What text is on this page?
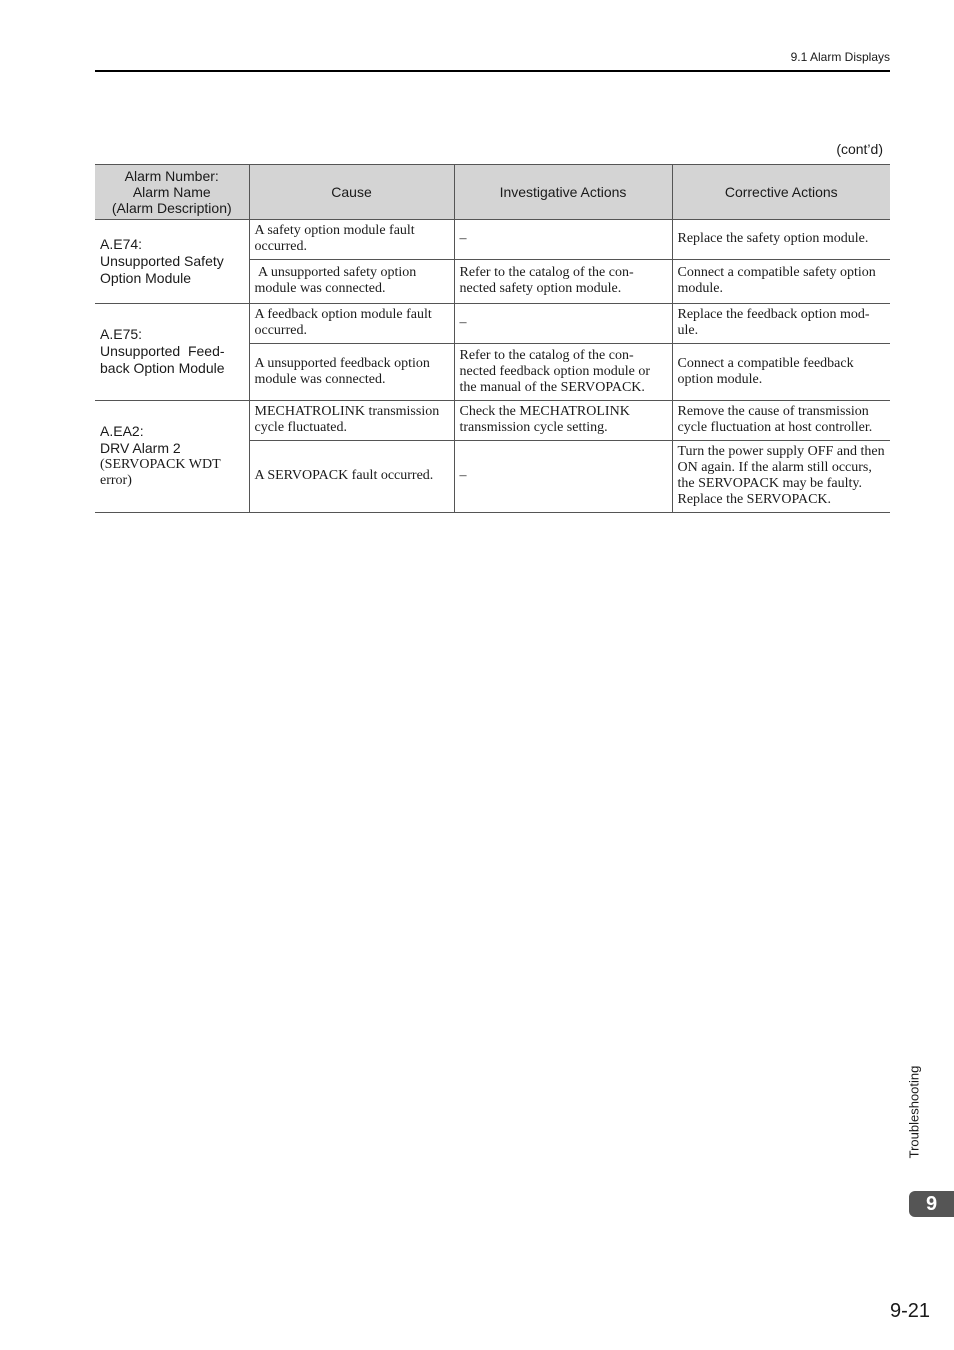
9.1 Alarm Displays
(cont’d)
Alarm Number:
Alarm Name
(Alarm Description)	Cause	Investigative Actions	Corrective Actions

A.E74:
Unsupported Safety
Option Module	A safety option module fault occurred.	–	Replace the safety option module.
	A unsupported safety option module was connected.	Refer to the catalog of the con-nected safety option module.	Connect a compatible safety option module.

A.E75:
Unsupported  Feed-
back Option Module	A feedback option module fault occurred.	–	Replace the feedback option mod-ule.
	A unsupported feedback option module was connected.	Refer to the catalog of the con-nected feedback option module or the manual of the SERVOPACK.	Connect a compatible feedback option module.

A.EA2:
DRV Alarm 2
(SERVOPACK WDT error)	MECHATROLINK transmission cycle fluctuated.	Check the MECHATROLINK transmission cycle setting.	Remove the cause of transmission cycle fluctuation at host controller.
	A SERVOPACK fault occurred.	–	Turn the power supply OFF and then ON again. If the alarm still occurs, the SERVOPACK may be faulty. Replace the SERVOPACK.
Troubleshooting
9
9-21
